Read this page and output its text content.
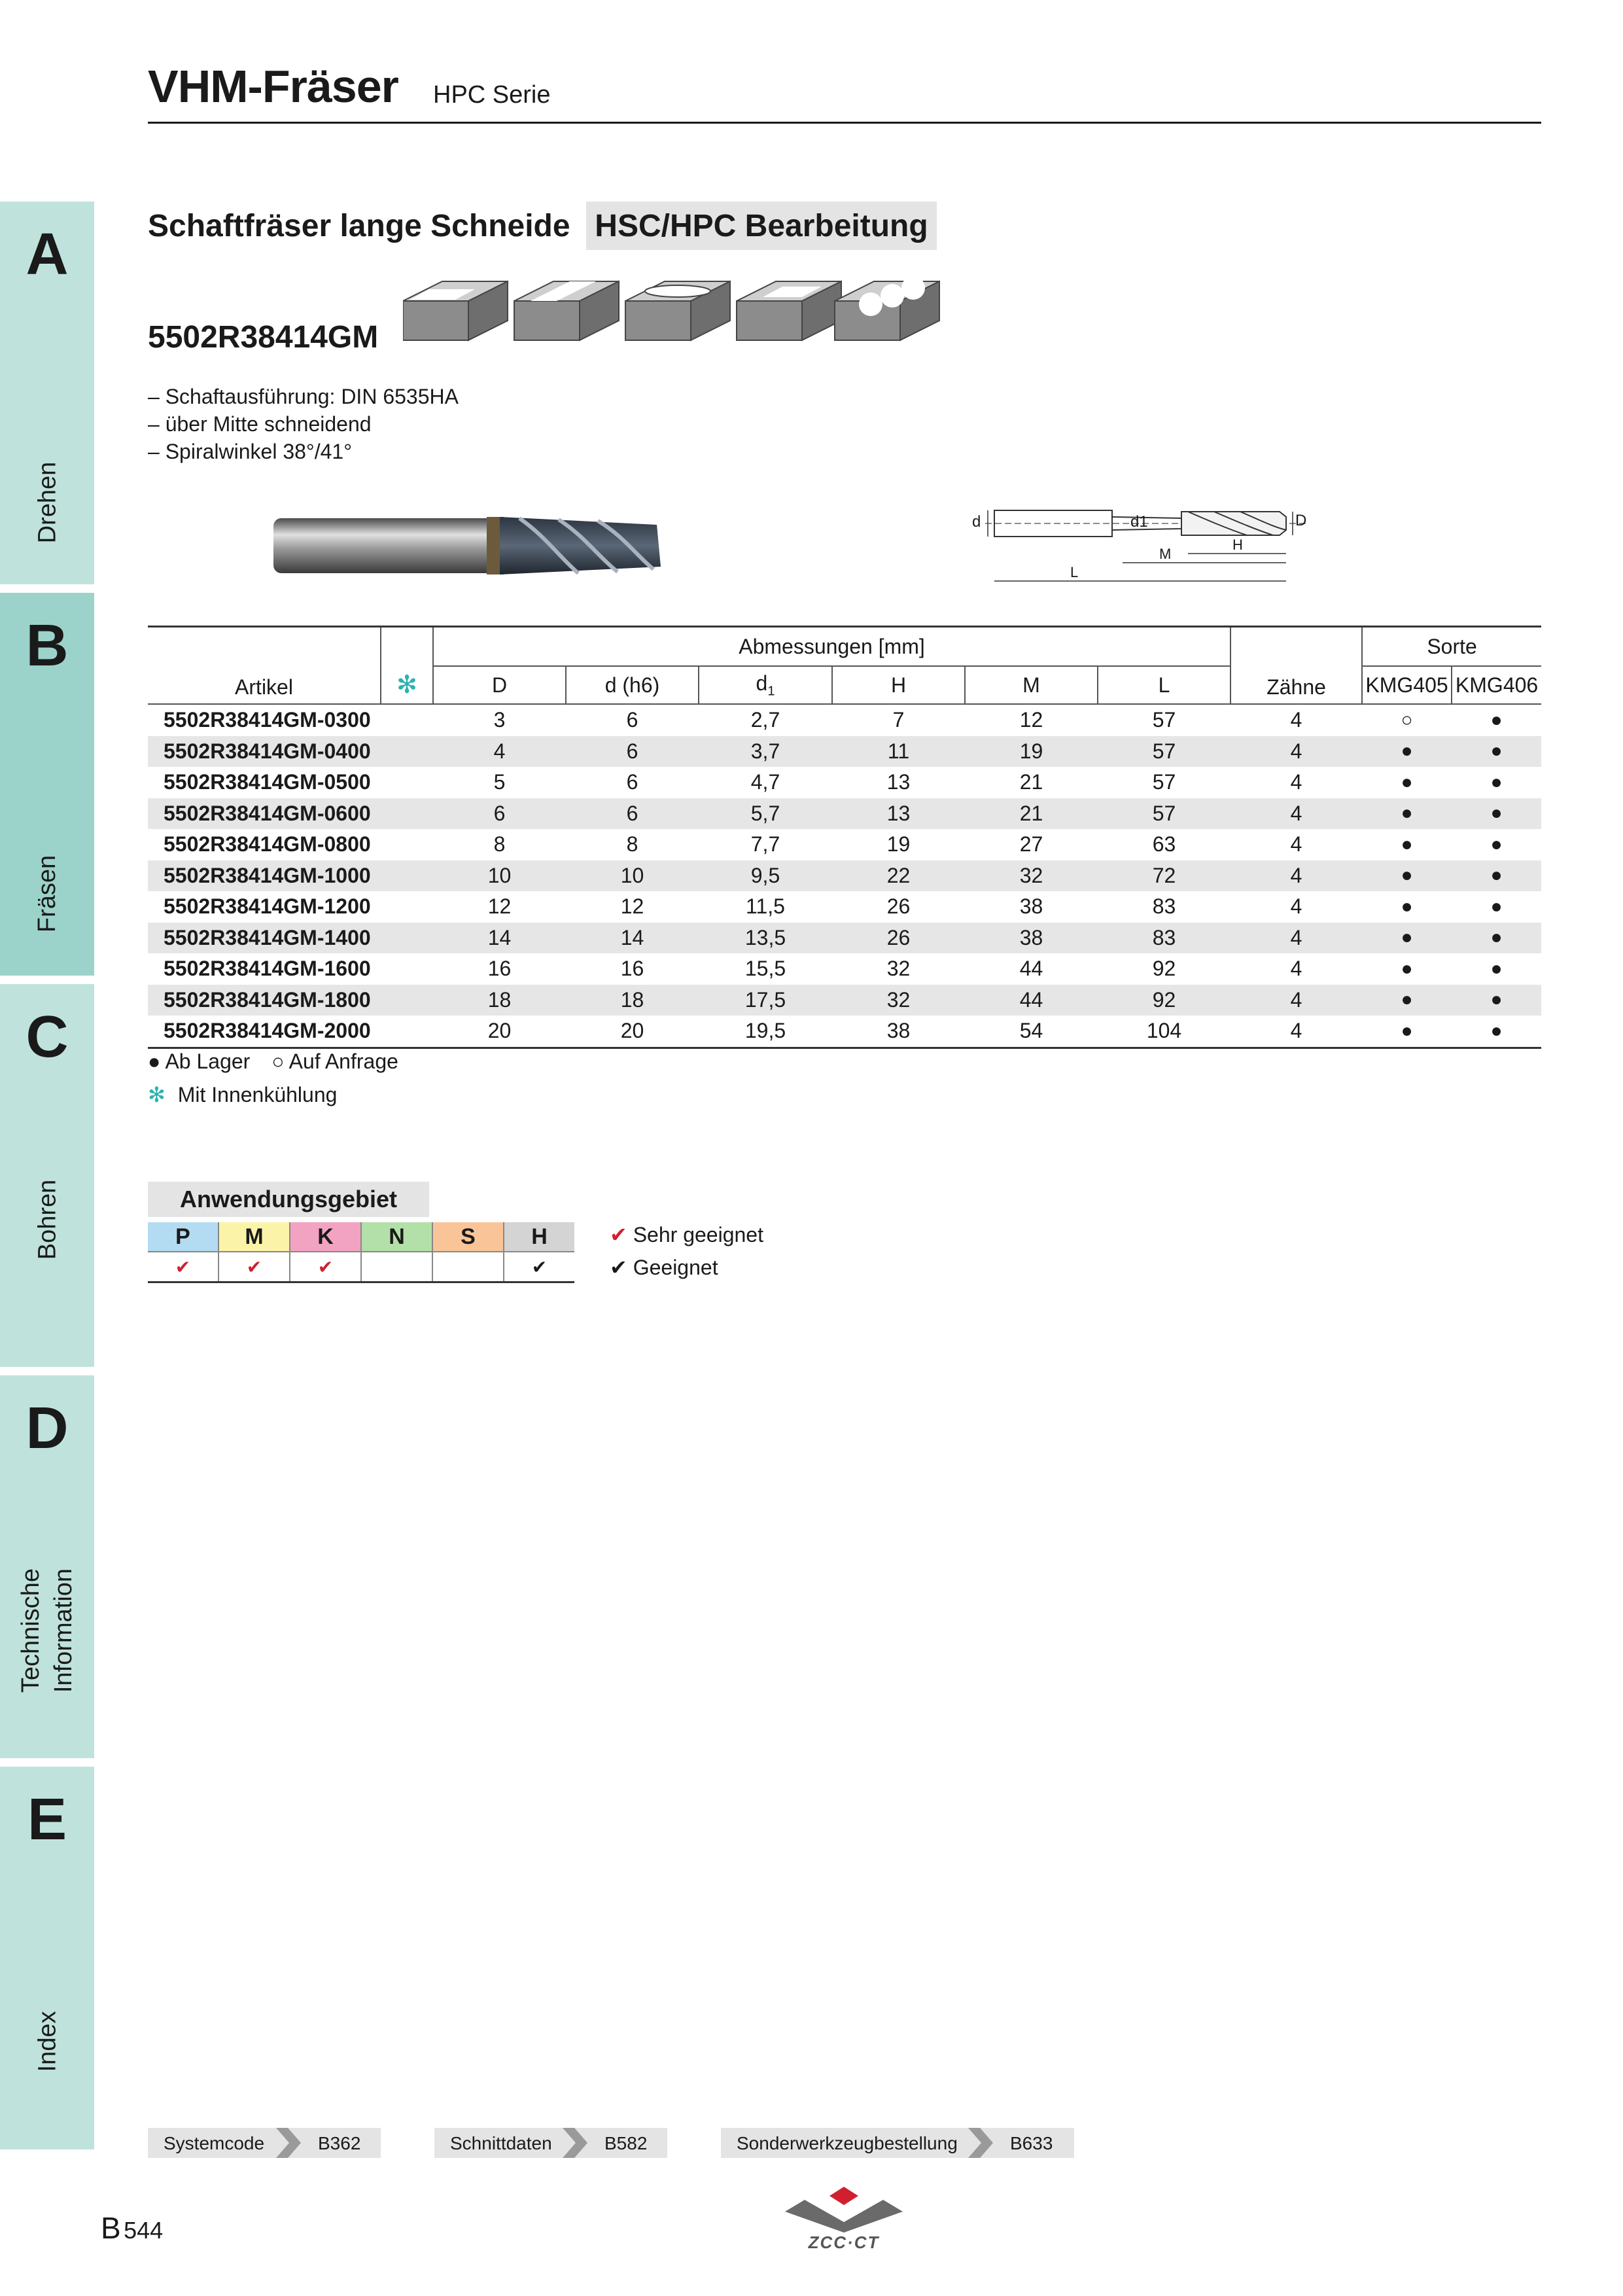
VHM-Fräser HPC Serie
A
Drehen
B
Fräsen
C
Bohren
D
Technische Information
E
Index
Schaftfräser lange Schneide HSC/HPC Bearbeitung
5502R38414GM
– Schaftausführung: DIN 6535HA
– über Mitte schneidend
– Spiralwinkel 38°/41°
d	d1	D
H
M
L
Artikel	✻	Abmessungen [mm]						Zähne	Sorte	
		D	d (h6)	$d_1$	H	M	L		KMG405	KMG406
5502R38414GM-0300		3	6	2,7	7	12	57	4	○	●
5502R38414GM-0400		4	6	3,7	11	19	57	4	●	●
5502R38414GM-0500		5	6	4,7	13	21	57	4	●	●
5502R38414GM-0600		6	6	5,7	13	21	57	4	●	●
5502R38414GM-0800		8	8	7,7	19	27	63	4	●	●
5502R38414GM-1000		10	10	9,5	22	32	72	4	●	●
5502R38414GM-1200		12	12	11,5	26	38	83	4	●	●
5502R38414GM-1400		14	14	13,5	26	38	83	4	●	●
5502R38414GM-1600		16	16	15,5	32	44	92	4	●	●
5502R38414GM-1800		18	18	17,5	32	44	92	4	●	●
5502R38414GM-2000		20	20	19,5	38	54	104	4	●	●
● Ab Lager ○ Auf Anfrage
✻ Mit Innenkühlung
Anwendungsgebiet
P	M	K	N	S	H
✔	✔	✔			✔
✔ Sehr geeignet
✔ Geeignet
Systemcode	B362	Schnittdaten	B582	Sonderwerkzeugbestellung	B633
B 544	ZCC·CT
